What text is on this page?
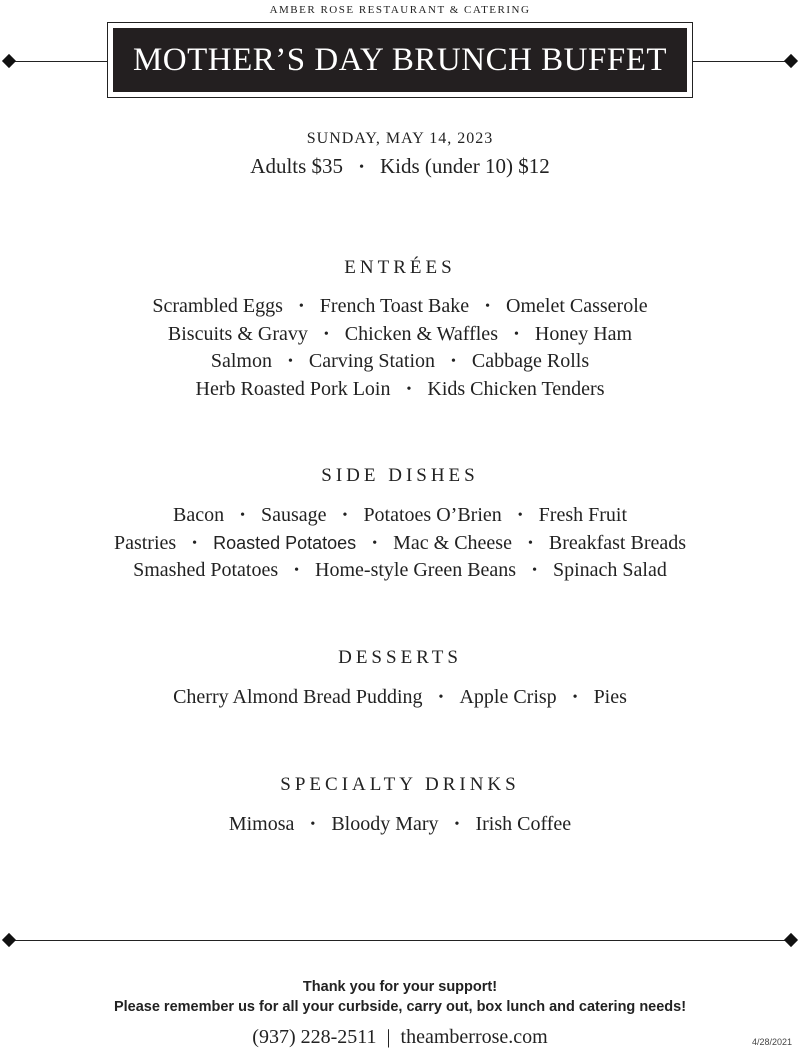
AMBER ROSE RESTAURANT & CATERING
MOTHER’S DAY BRUNCH BUFFET
SUNDAY, MAY 14, 2023
Adults $35 • Kids (under 10) $12
ENTRÉES
Scrambled Eggs • French Toast Bake • Omelet Casserole
Biscuits & Gravy • Chicken & Waffles • Honey Ham
Salmon • Carving Station • Cabbage Rolls
Herb Roasted Pork Loin • Kids Chicken Tenders
SIDE DISHES
Bacon • Sausage • Potatoes O’Brien • Fresh Fruit
Pastries • Roasted Potatoes • Mac & Cheese • Breakfast Breads
Smashed Potatoes • Home-style Green Beans • Spinach Salad
DESSERTS
Cherry Almond Bread Pudding • Apple Crisp • Pies
SPECIALTY DRINKS
Mimosa • Bloody Mary • Irish Coffee
Thank you for your support!
Please remember us for all your curbside, carry out, box lunch and catering needs!
(937) 228-2511 | theamberrose.com	4/28/2021
